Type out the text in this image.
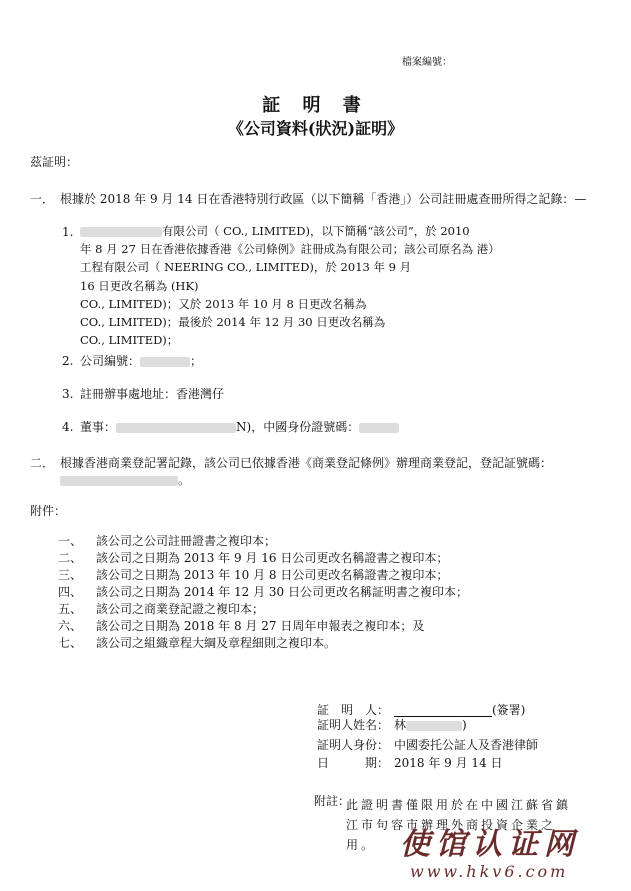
檔案編號：
証 明 書
《公司資料(狀況)証明》
茲証明：
一． 根據於 2018 年 9 月 14 日在香港特別行政區（以下簡稱「香港」）公司註冊處查冊所得之記錄：—
1.	有限公司（ CO., LIMITED)，以下簡稱“該公司”，於 2010
年 8 月 27 日在香港依據香港《公司條例》註冊成為有限公司；該公司原名為 港）
工程有限公司（ NEERING CO., LIMITED)，於 2013 年 9 月
16 日更改名稱為 (HK)
CO., LIMITED)；又於 2013 年 10 月 8 日更改名稱為
CO., LIMITED)；最後於 2014 年 12 月 30 日更改名稱為
CO., LIMITED)；
2. 公司編號：	；
3. 註冊辦事處地址：香港灣仔
4. 董事：	N)，中國身份證號碼：
二． 根據香港商業登記署記錄，該公司已依據香港《商業登記條例》辦理商業登記，登記証號碼：
。
附件：
一、 該公司之公司註冊證書之複印本；
二、 該公司之日期為 2013 年 9 月 16 日公司更改名稱證書之複印本；
三、 該公司之日期為 2013 年 10 月 8 日公司更改名稱證書之複印本；
四、 該公司之日期為 2014 年 12 月 30 日公司更改名稱証明書之複印本；
五、 該公司之商業登記證之複印本；
六、 該公司之日期為 2018 年 8 月 27 日周年申報表之複印本；及
七、 該公司之組織章程大綱及章程細則之複印本。
証　明　人：	(簽署)
証明人姓名： 林	)
証明人身份： 中國委托公証人及香港律師
日　　　期： 2018 年 9 月 14 日
附註：
此證明書僅限用於在中國江蘇省鎮江市句容市辦理外商投資企業之用。 使馆认证网
www.hkv6.com
